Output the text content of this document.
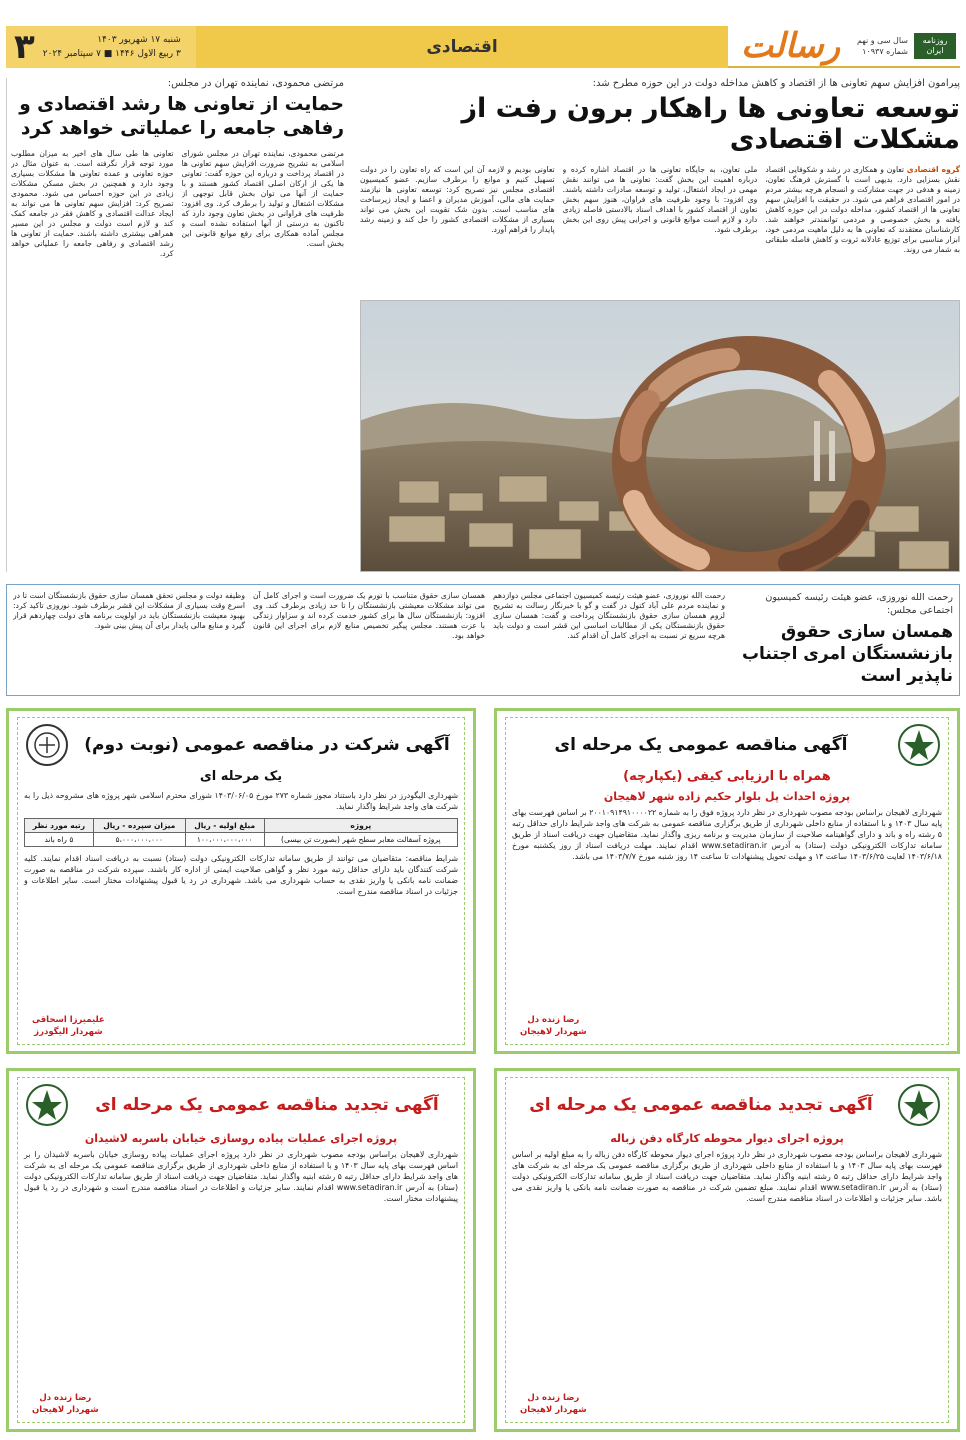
روزنامه ایران
سال سی و نهم
شماره ۱۰۹۳۷
رسالت
اقتصادی
شنبه ۱۷ شهریور ۱۴۰۳
۳ ربیع الاول ۱۴۴۶ ■ ۷ سپتامبر ۲۰۲۴
۳
پیرامون افزایش سهم تعاونی ها از اقتصاد و کاهش مداخله دولت در این حوزه مطرح شد:
توسعه تعاونی ها راهکار برون رفت از مشکلات اقتصادی
گروه اقتصادی تعاون و همکاری در رشد و شکوفایی اقتصاد نقش بسزایی دارد. بدیهی است با گسترش فرهنگ تعاون، زمینه و هدفی در جهت مشارکت و انسجام هرچه بیشتر مردم در امور اقتصادی فراهم می شود. در حقیقت با افزایش سهم تعاونی ها از اقتصاد کشور، مداخله دولت در این حوزه کاهش یافته و بخش خصوصی و مردمی توانمندتر خواهند شد. کارشناسان معتقدند که تعاونی ها به دلیل ماهیت مردمی خود، ابزار مناسبی برای توزیع عادلانه ثروت و کاهش فاصله طبقاتی به شمار می روند.
ملی تعاون، به جایگاه تعاونی ها در اقتصاد اشاره کرده و درباره اهمیت این بخش گفت: تعاونی ها می توانند نقش مهمی در ایجاد اشتغال، تولید و توسعه صادرات داشته باشند. وی افزود: با وجود ظرفیت های فراوان، هنوز سهم بخش تعاون از اقتصاد کشور با اهداف اسناد بالادستی فاصله زیادی دارد و لازم است موانع قانونی و اجرایی پیش روی این بخش برطرف شود.
تعاونی بودیم و لازمه آن این است که راه تعاون را در دولت تسهیل کنیم و موانع را برطرف سازیم. عضو کمیسیون اقتصادی مجلس نیز تصریح کرد: توسعه تعاونی ها نیازمند حمایت های مالی، آموزش مدیران و اعضا و ایجاد زیرساخت های مناسب است. بدون شک تقویت این بخش می تواند بسیاری از مشکلات اقتصادی کشور را حل کند و زمینه رشد پایدار را فراهم آورد.
مرتضی محمودی، نماینده تهران در مجلس:
حمایت از تعاونی ها رشد اقتصادی و رفاهی جامعه را عملیاتی خواهد کرد
مرتضی محمودی، نماینده تهران در مجلس شورای اسلامی به تشریح ضرورت افزایش سهم تعاونی ها در اقتصاد پرداخت و درباره این حوزه گفت: تعاونی ها یکی از ارکان اصلی اقتصاد کشور هستند و با حمایت از آنها می توان بخش قابل توجهی از مشکلات اشتغال و تولید را برطرف کرد. وی افزود: ظرفیت های فراوانی در بخش تعاون وجود دارد که تاکنون به درستی از آنها استفاده نشده است و مجلس آماده همکاری برای رفع موانع قانونی این بخش است.
تعاونی ها طی سال های اخیر به میزان مطلوب مورد توجه قرار نگرفته است. به عنوان مثال در حوزه تعاونی و عمده تعاونی ها مشکلات بسیاری وجود دارد و همچنین در بخش مسکن مشکلات زیادی در این حوزه احساس می شود. محمودی تصریح کرد: افزایش سهم تعاونی ها می تواند به ایجاد عدالت اقتصادی و کاهش فقر در جامعه کمک کند و لازم است دولت و مجلس در این مسیر همراهی بیشتری داشته باشند. حمایت از تعاونی ها رشد اقتصادی و رفاهی جامعه را عملیاتی خواهد کرد.
رحمت الله نوروزی، عضو هیئت رئیسه کمیسیون اجتماعی مجلس:
همسان سازی حقوق بازنشستگان امری اجتناب ناپذیر است
رحمت الله نوروزی، عضو هیئت رئیسه کمیسیون اجتماعی مجلس دوازدهم و نماینده مردم علی آباد کتول در گفت و گو با خبرنگار رسالت به تشریح لزوم همسان سازی حقوق بازنشستگان پرداخت و گفت: همسان سازی حقوق بازنشستگان یکی از مطالبات اساسی این قشر است و دولت باید هرچه سریع تر نسبت به اجرای کامل آن اقدام کند.
همسان سازی حقوق متناسب با تورم یک ضرورت است و اجرای کامل آن می تواند مشکلات معیشتی بازنشستگان را تا حد زیادی برطرف کند. وی افزود: بازنشستگان سال ها برای کشور خدمت کرده اند و سزاوار زندگی با عزت هستند. مجلس پیگیر تخصیص منابع لازم برای اجرای این قانون خواهد بود.
وظیفه دولت و مجلس تحقق همسان سازی حقوق بازنشستگان است تا در اسرع وقت بسیاری از مشکلات این قشر برطرف شود. نوروزی تاکید کرد: بهبود معیشت بازنشستگان باید در اولویت برنامه های دولت چهاردهم قرار گیرد و منابع مالی پایدار برای آن پیش بینی شود.
آگهی مناقصه عمومی یک مرحله ای
همراه با ارزیابی کیفی (یکپارچه)
پروژه احداث پل بلوار حکیم زاده شهر لاهیجان
شهرداری لاهیجان براساس بودجه مصوب شهرداری در نظر دارد پروژه فوق را به شماره ۲۰۰۱۰۹۱۴۹۱۰۰۰۰۲۲ بر اساس فهرست بهای پایه سال ۱۴۰۳ و با استفاده از منابع داخلی شهرداری از طریق برگزاری مناقصه عمومی به شرکت های واجد شرایط دارای حداقل رتبه ۵ رشته راه و باند و دارای گواهینامه صلاحیت از سازمان مدیریت و برنامه ریزی واگذار نماید. متقاضیان جهت دریافت اسناد از طریق سامانه تدارکات الکترونیکی دولت (ستاد) به آدرس www.setadiran.ir اقدام نمایند. مهلت دریافت اسناد از روز یکشنبه مورخ ۱۴۰۳/۶/۱۸ لغایت ۱۴۰۳/۶/۲۵ ساعت ۱۴ و مهلت تحویل پیشنهادات تا ساعت ۱۴ روز شنبه مورخ ۱۴۰۳/۷/۷ می باشد.
رضا زنده دل
شهردار لاهیجان
آگهی شرکت در مناقصه عمومی (نوبت دوم)
یک مرحله ای
شهرداری الیگودرز در نظر دارد باستناد مجوز شماره ۲۷۳ مورخ ۱۴۰۳/۰۶/۰۵ شورای محترم اسلامی شهر پروژه های مشروحه ذیل را به شرکت های واجد شرایط واگذار نماید.
پروژه	مبلغ اولیه - ریال	میزان سپرده - ریال	رتبه مورد نظر
پروژه آسفالت معابر سطح شهر (بصورت تن بیسی)	۱۰۰،۰۰۰،۰۰۰،۰۰۰	۵،۰۰۰،۰۰۰،۰۰۰	۵ راه باند
شرایط مناقصه: متقاضیان می توانند از طریق سامانه تدارکات الکترونیکی دولت (ستاد) نسبت به دریافت اسناد اقدام نمایند. کلیه شرکت کنندگان باید دارای حداقل رتبه مورد نظر و گواهی صلاحیت ایمنی از اداره کار باشند. سپرده شرکت در مناقصه به صورت ضمانت نامه بانکی یا واریز نقدی به حساب شهرداری می باشد. شهرداری در رد یا قبول پیشنهادات مختار است. سایر اطلاعات و جزئیات در اسناد مناقصه مندرج است.
علیمیرزا اسحاقی
شهردار الیگودرز
آگهی تجدید مناقصه عمومی یک مرحله ای
پروژه اجرای دیوار محوطه کارگاه دفن زباله
شهرداری لاهیجان براساس بودجه مصوب شهرداری در نظر دارد پروژه اجرای دیوار محوطه کارگاه دفن زباله را به مبلغ اولیه بر اساس فهرست بهای پایه سال ۱۴۰۳ و با استفاده از منابع داخلی شهرداری از طریق برگزاری مناقصه عمومی یک مرحله ای به شرکت های واجد شرایط دارای حداقل رتبه ۵ رشته ابنیه واگذار نماید. متقاضیان جهت دریافت اسناد از طریق سامانه تدارکات الکترونیکی دولت (ستاد) به آدرس www.setadiran.ir اقدام نمایند. مبلغ تضمین شرکت در مناقصه به صورت ضمانت نامه بانکی یا واریز نقدی می باشد. سایر جزئیات و اطلاعات در اسناد مناقصه مندرج است.
رضا زنده دل
شهردار لاهیجان
آگهی تجدید مناقصه عمومی یک مرحله ای
پروژه اجرای عملیات پیاده روسازی خیابان باسربه لاشیدان
شهرداری لاهیجان براساس بودجه مصوب شهرداری در نظر دارد پروژه اجرای عملیات پیاده روسازی خیابان باسربه لاشیدان را بر اساس فهرست بهای پایه سال ۱۴۰۳ و با استفاده از منابع داخلی شهرداری از طریق برگزاری مناقصه عمومی یک مرحله ای به شرکت های واجد شرایط دارای حداقل رتبه ۵ رشته ابنیه واگذار نماید. متقاضیان جهت دریافت اسناد از طریق سامانه تدارکات الکترونیکی دولت (ستاد) به آدرس www.setadiran.ir اقدام نمایند. سایر جزئیات و اطلاعات در اسناد مناقصه مندرج است و شهرداری در رد یا قبول پیشنهادات مختار است.
رضا زنده دل
شهردار لاهیجان
